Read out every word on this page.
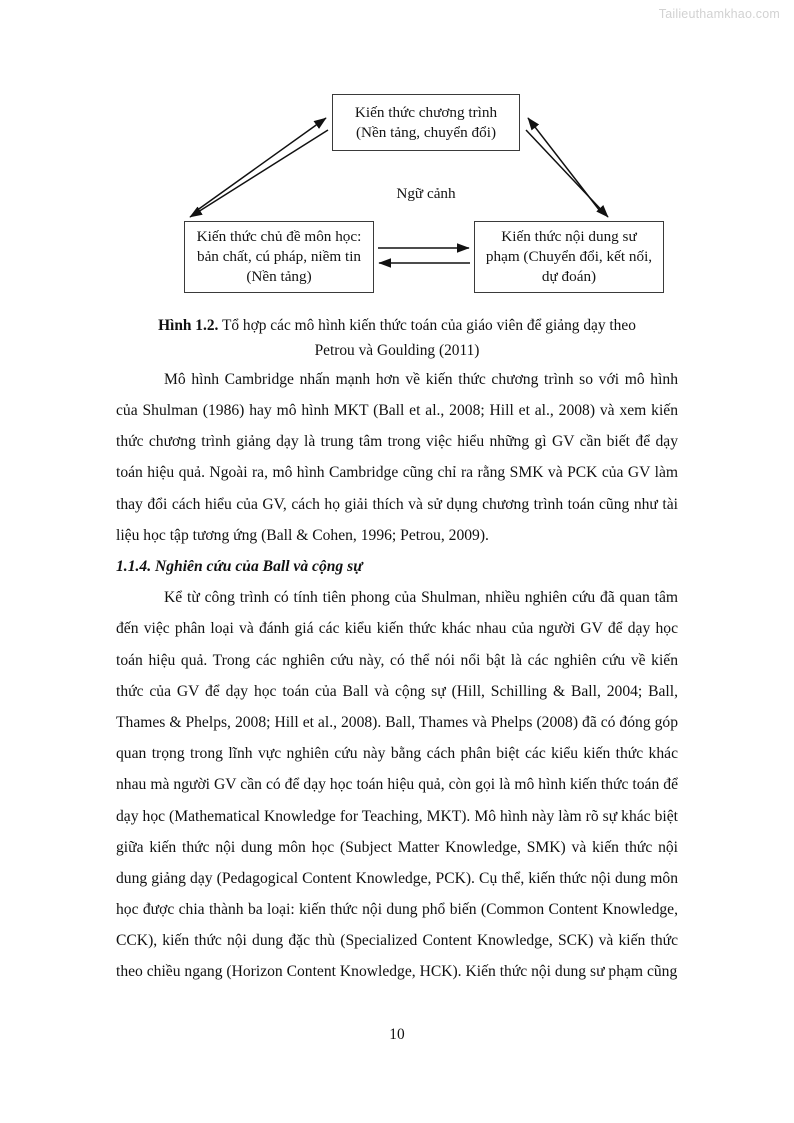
Tailieuthamkhao.com
Kiến thức chương trình (Nền tảng, chuyển đổi)
Kiến thức chủ đề môn học: bản chất, cú pháp, niềm tin (Nền tảng)
Kiến thức nội dung sư phạm (Chuyển đổi, kết nối, dự đoán)
Ngữ cảnh
Hình 1.2. Tổ hợp các mô hình kiến thức toán của giáo viên để giảng dạy theo
Petrou và Goulding (2011)

Mô hình Cambridge nhấn mạnh hơn về kiến thức chương trình so với mô hình của Shulman (1986) hay mô hình MKT (Ball et al., 2008; Hill et al., 2008) và xem kiến thức chương trình giảng dạy là trung tâm trong việc hiểu những gì GV cần biết để dạy toán hiệu quả. Ngoài ra, mô hình Cambridge cũng chỉ ra rằng SMK và PCK của GV làm thay đổi cách hiểu của GV, cách họ giải thích và sử dụng chương trình toán cũng như tài liệu học tập tương ứng (Ball & Cohen, 1996; Petrou, 2009).

1.1.4. Nghiên cứu của Ball và cộng sự

Kể từ công trình có tính tiên phong của Shulman, nhiều nghiên cứu đã quan tâm đến việc phân loại và đánh giá các kiểu kiến thức khác nhau của người GV để dạy học toán hiệu quả. Trong các nghiên cứu này, có thể nói nổi bật là các nghiên cứu về kiến thức của GV để dạy học toán của Ball và cộng sự (Hill, Schilling & Ball, 2004; Ball, Thames & Phelps, 2008; Hill et al., 2008). Ball, Thames và Phelps (2008) đã có đóng góp quan trọng trong lĩnh vực nghiên cứu này bằng cách phân biệt các kiểu kiến thức khác nhau mà người GV cần có để dạy học toán hiệu quả, còn gọi là mô hình kiến thức toán để dạy học (Mathematical Knowledge for Teaching, MKT). Mô hình này làm rõ sự khác biệt giữa kiến thức nội dung môn học (Subject Matter Knowledge, SMK) và kiến thức nội dung giảng dạy (Pedagogical Content Knowledge, PCK). Cụ thể, kiến thức nội dung môn học được chia thành ba loại: kiến thức nội dung phổ biến (Common Content Knowledge, CCK), kiến thức nội dung đặc thù (Specialized Content Knowledge, SCK) và kiến thức theo chiều ngang (Horizon Content Knowledge, HCK). Kiến thức nội dung sư phạm cũng

10
